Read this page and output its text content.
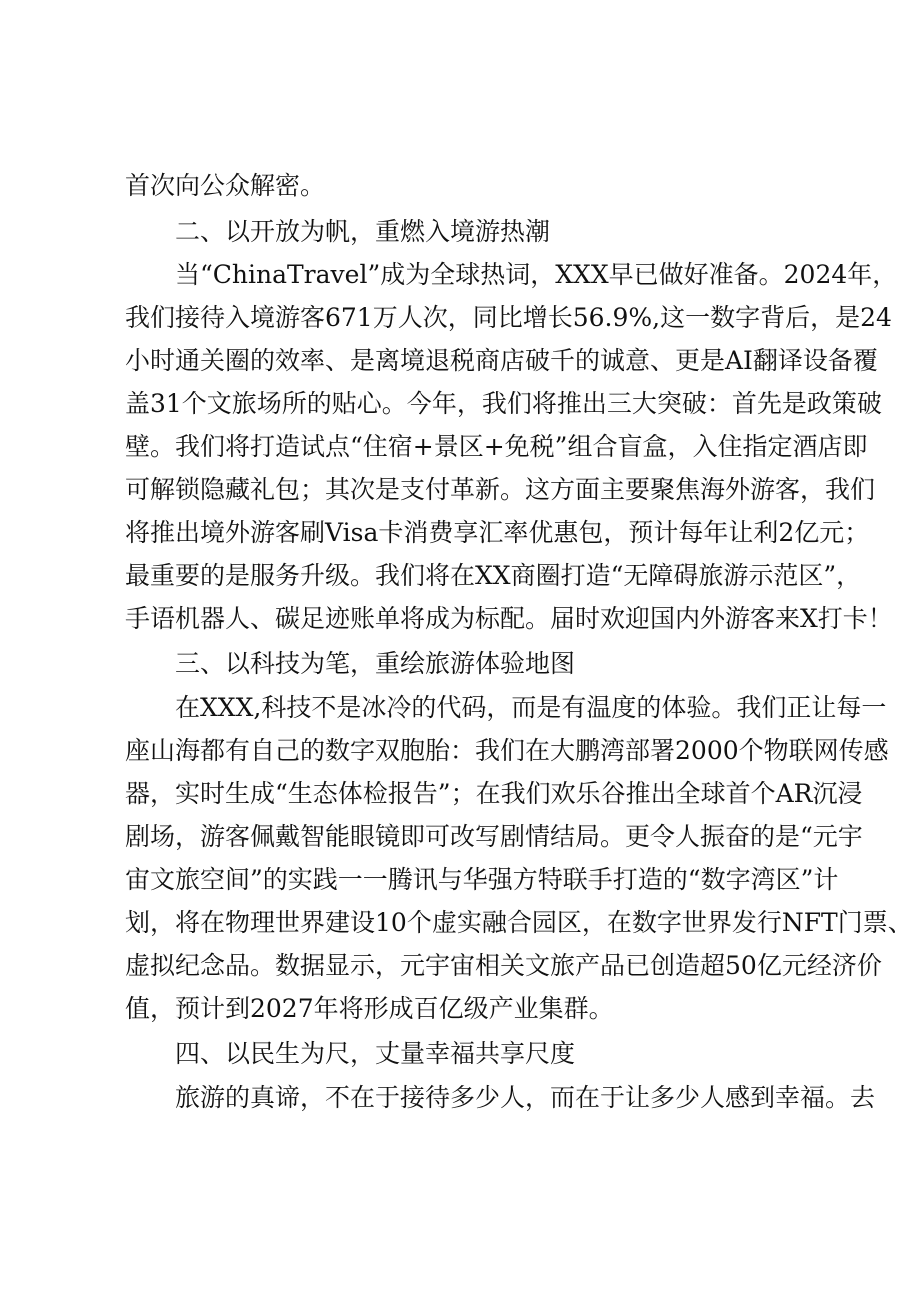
首次向公众解密。
二、以开放为帆，重燃入境游热潮
当“ChinaTravel”成为全球热词，XXX早已做好准备。2024年，
我们接待入境游客671万人次，同比增长56.9%,这一数字背后，是24
小时通关圈的效率、是离境退税商店破千的诚意、更是AI翻译设备覆
盖31个文旅场所的贴心。今年，我们将推出三大突破：首先是政策破
壁。我们将打造试点“住宿+景区+免税”组合盲盒，入住指定酒店即
可解锁隐藏礼包；其次是支付革新。这方面主要聚焦海外游客，我们
将推出境外游客刷Visa卡消费享汇率优惠包，预计每年让利2亿元；
最重要的是服务升级。我们将在XX商圈打造“无障碍旅游示范区”，
手语机器人、碳足迹账单将成为标配。届时欢迎国内外游客来X打卡！
三、以科技为笔，重绘旅游体验地图
在XXX,科技不是冰冷的代码，而是有温度的体验。我们正让每一
座山海都有自己的数字双胞胎：我们在大鹏湾部署2000个物联网传感
器，实时生成“生态体检报告”；在我们欢乐谷推出全球首个AR沉浸
剧场，游客佩戴智能眼镜即可改写剧情结局。更令人振奋的是“元宇
宙文旅空间”的实践一一腾讯与华强方特联手打造的“数字湾区”计
划，将在物理世界建设10个虚实融合园区，在数字世界发行NFT门票、
虚拟纪念品。数据显示，元宇宙相关文旅产品已创造超50亿元经济价
值，预计到2027年将形成百亿级产业集群。
四、以民生为尺，丈量幸福共享尺度
旅游的真谛，不在于接待多少人，而在于让多少人感到幸福。去
